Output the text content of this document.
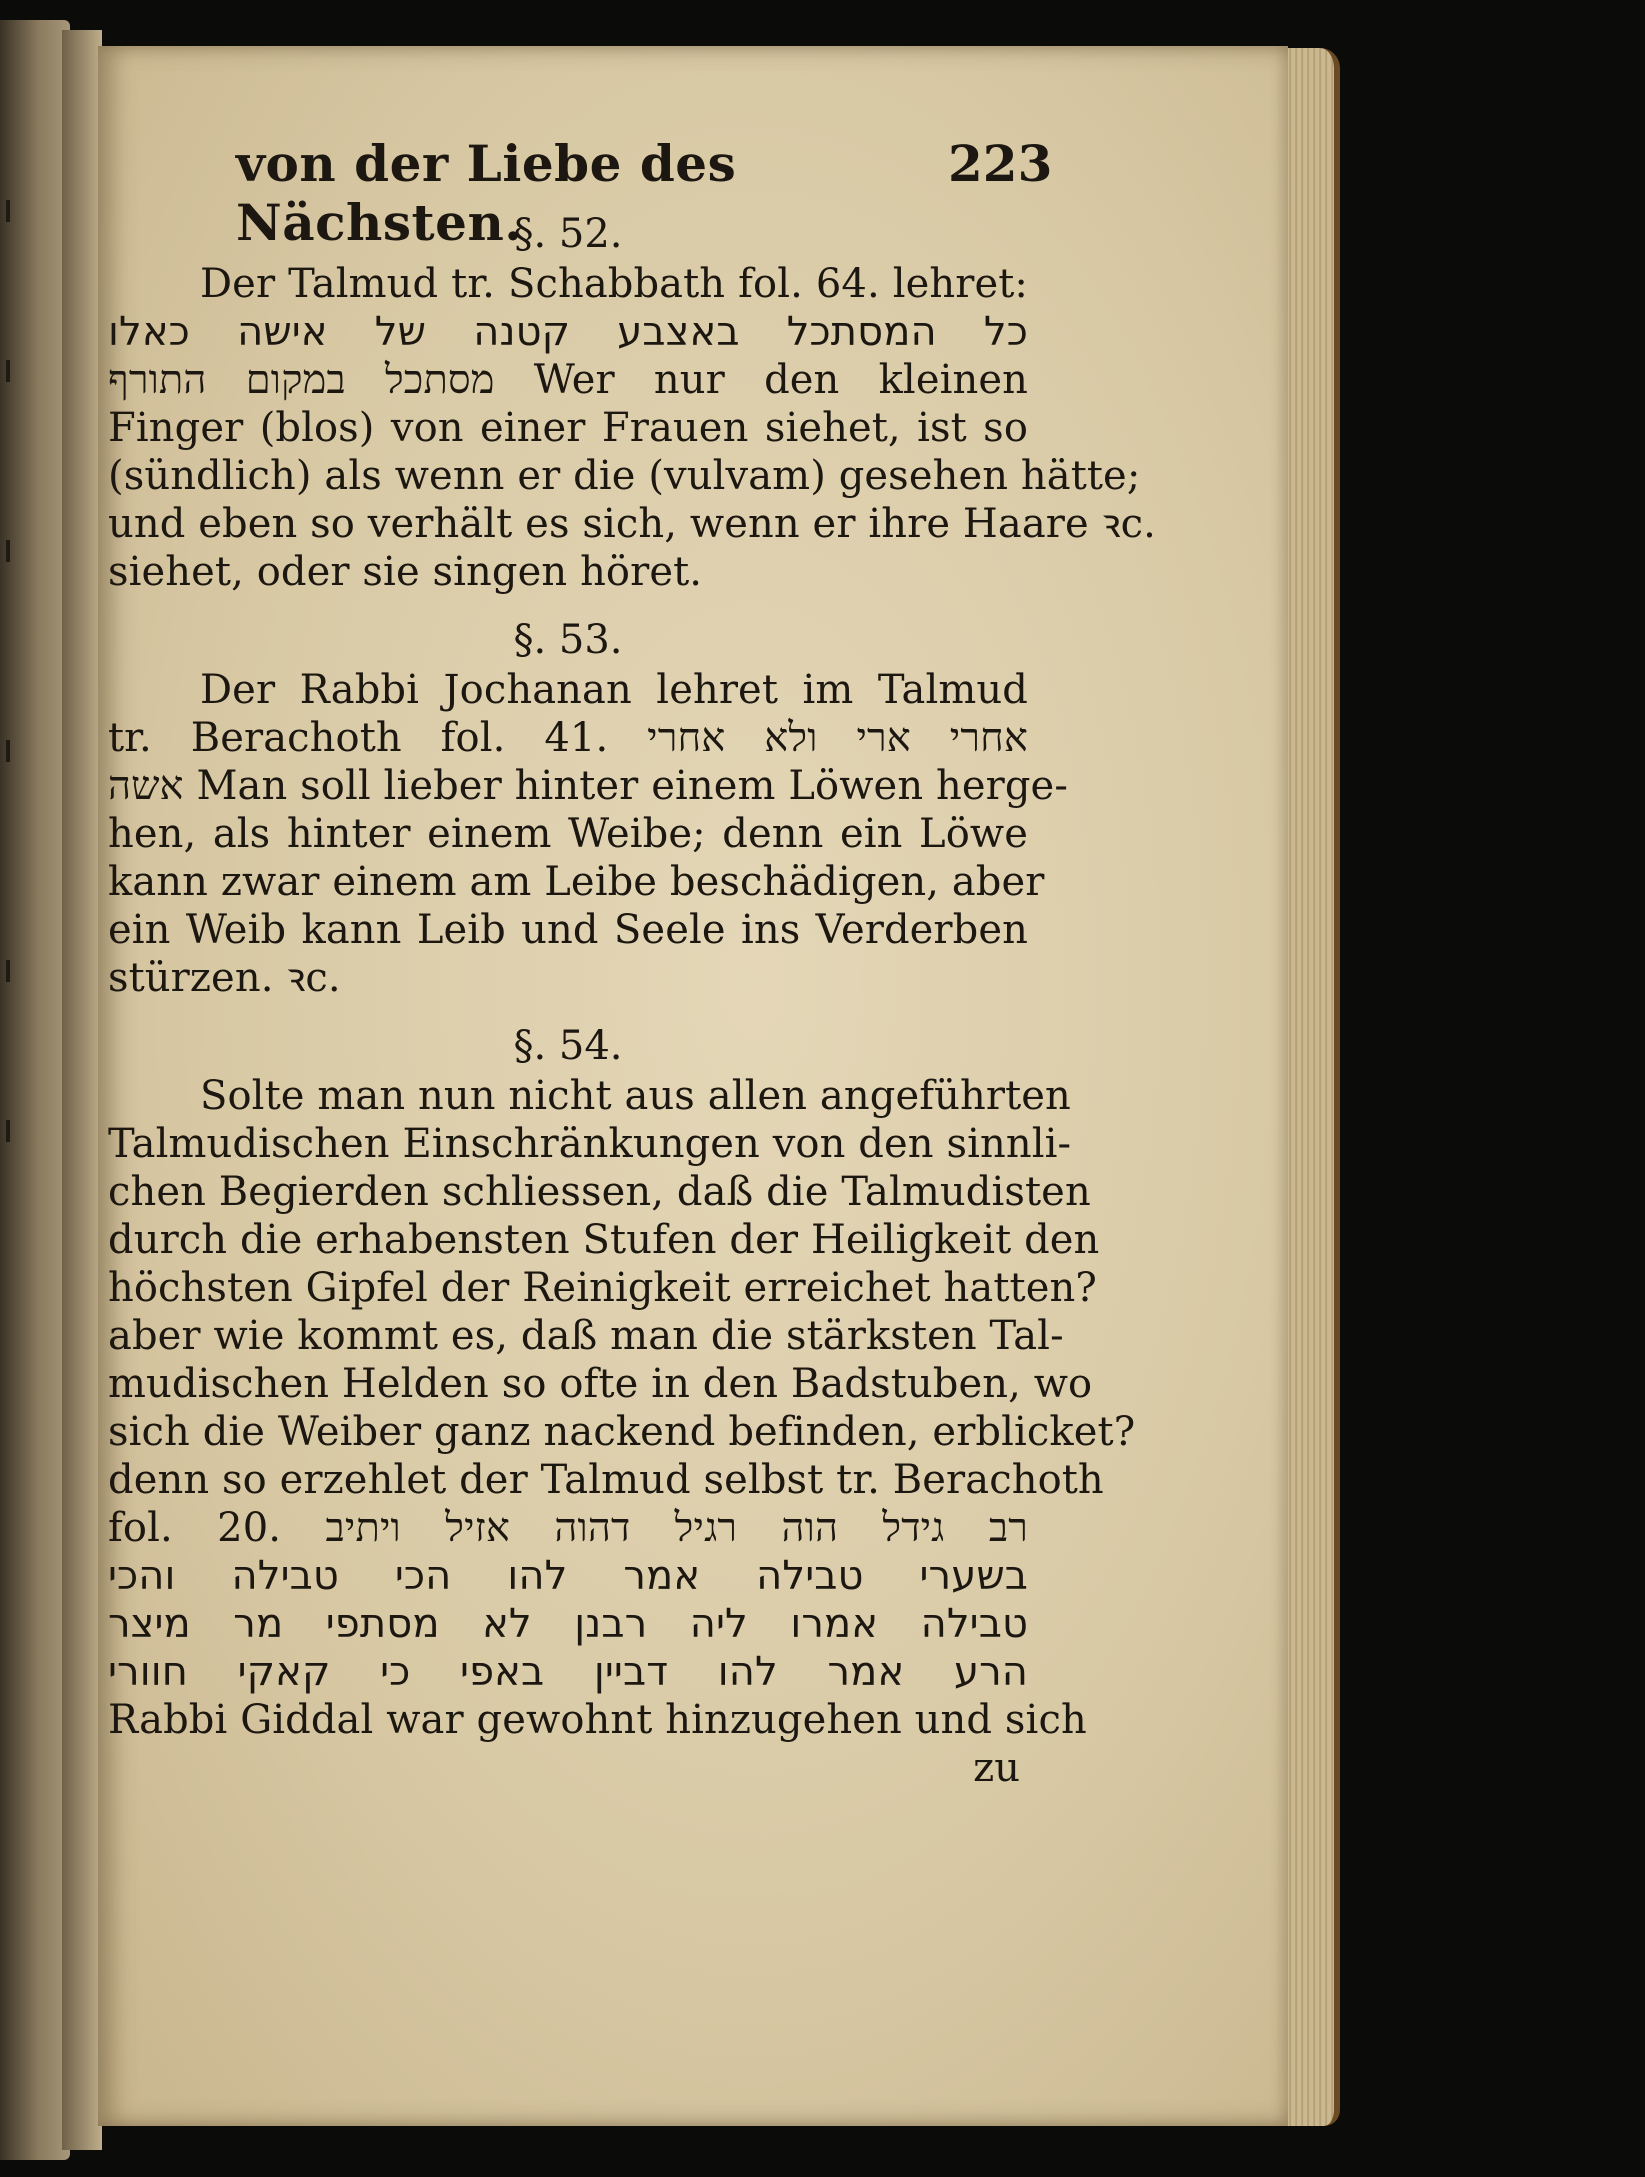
von der Liebe des Nächsten.
223
§. 52.
Der Talmud tr. Schabbath fol. 64. lehret:
כל המסתכל באצבע קטנה של אישה כאלו
מסתכל במקום התורף Wer nur den kleinen
Finger (blos) von einer Frauen siehet, ist so
(sündlich) als wenn er die (vulvam) gesehen hätte;
und eben so verhält es sich, wenn er ihre Haare ꝛc.
siehet, oder sie singen höret.
§. 53.
Der Rabbi Jochanan lehret im Talmud
tr. Berachoth fol. 41. אחרי ארי ולא אחרי
אשה Man soll lieber hinter einem Löwen herge-
hen, als hinter einem Weibe; denn ein Löwe
kann zwar einem am Leibe beschädigen, aber
ein Weib kann Leib und Seele ins Verderben
stürzen. ꝛc.
§. 54.
Solte man nun nicht aus allen angeführten
Talmudischen Einschränkungen von den sinnli-
chen Begierden schliessen, daß die Talmudisten
durch die erhabensten Stufen der Heiligkeit den
höchsten Gipfel der Reinigkeit erreichet hatten?
aber wie kommt es, daß man die stärksten Tal-
mudischen Helden so ofte in den Badstuben, wo
sich die Weiber ganz nackend befinden, erblicket?
denn so erzehlet der Talmud selbst tr. Berachoth
fol. 20. רב גידל הוה רגיל דהוה אזיל ויתיב
בשערי טבילה אמר להו הכי טבילה והכי
טבילה אמרו ליה רבנן לא מסתפי מר מיצר
הרע אמר להו דביין באפי כי קאקי חוורי
Rabbi Giddal war gewohnt hinzugehen und sich
zu
